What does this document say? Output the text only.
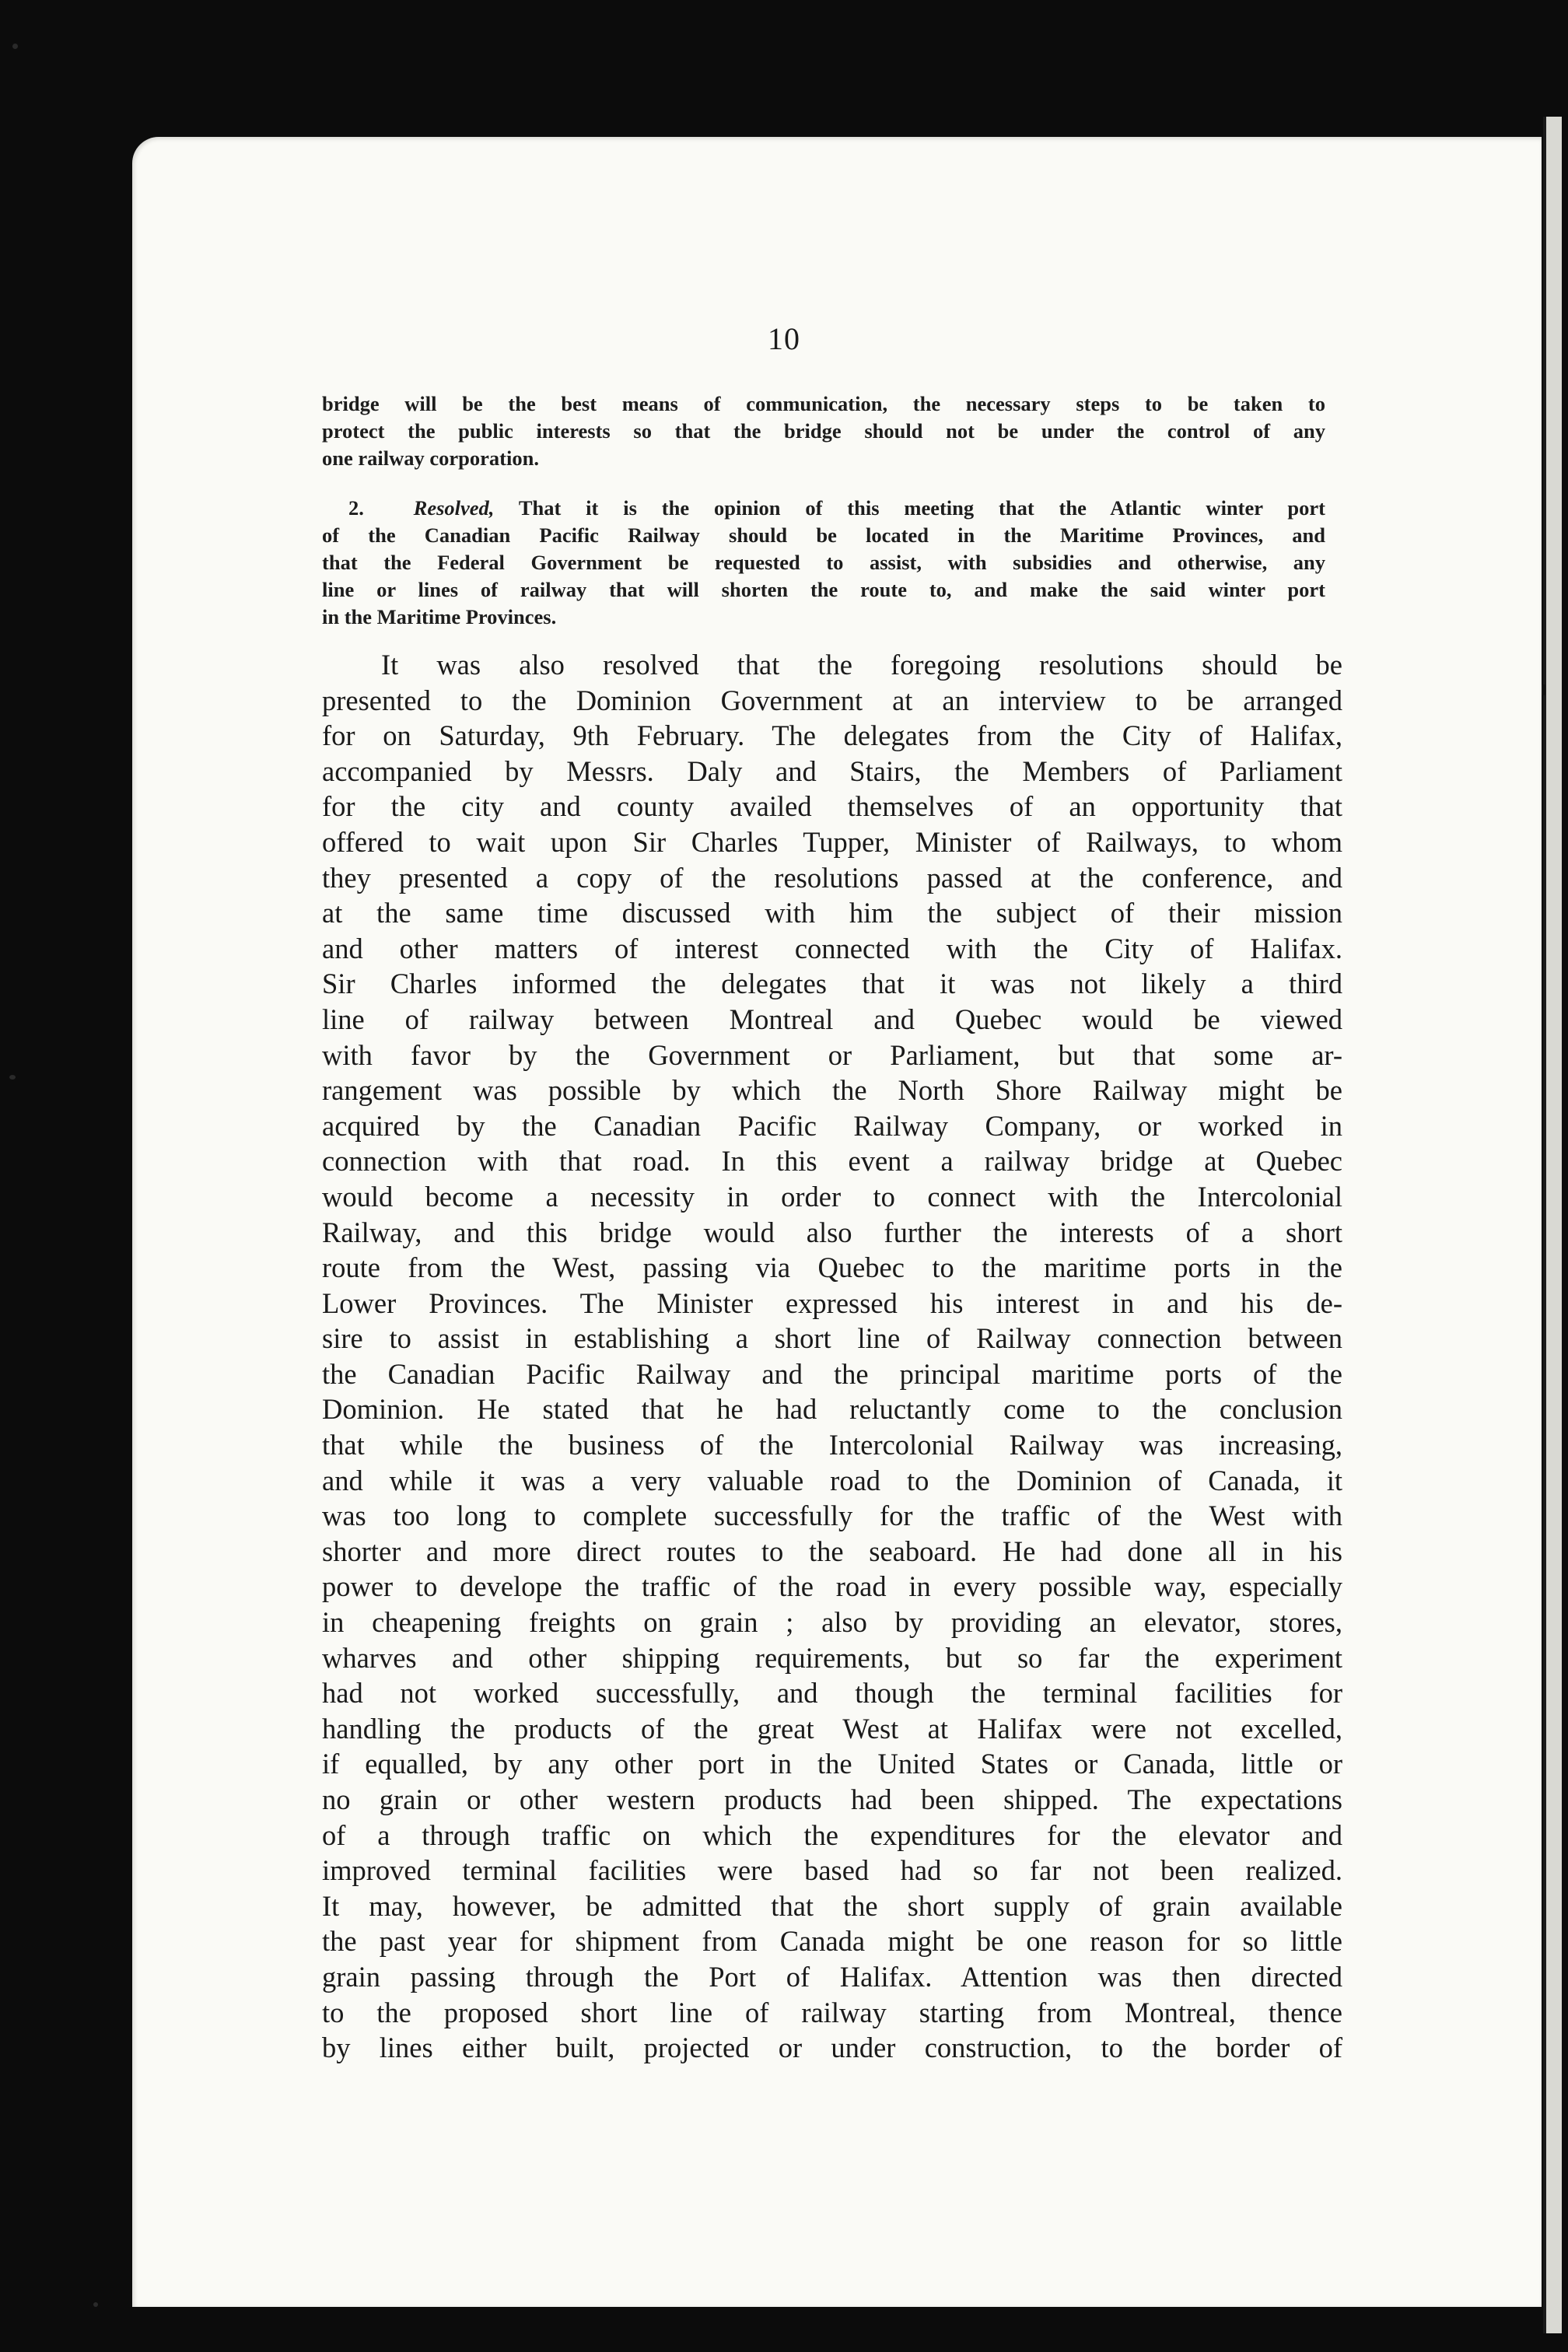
10
bridge will be the best means of communication, the necessary steps to be taken to
protect the public interests so that the bridge should not be under the control of any
one railway corporation.
2. Resolved, That it is the opinion of this meeting that the Atlantic winter port
of the Canadian Pacific Railway should be located in the Maritime Provinces, and
that the Federal Government be requested to assist, with subsidies and otherwise, any
line or lines of railway that will shorten the route to, and make the said winter port
in the Maritime Provinces.
It was also resolved that the foregoing resolutions should be
presented to the Dominion Government at an interview to be arranged
for on Saturday, 9th February. The delegates from the City of Halifax,
accompanied by Messrs. Daly and Stairs, the Members of Parliament
for the city and county availed themselves of an opportunity that
offered to wait upon Sir Charles Tupper, Minister of Railways, to whom
they presented a copy of the resolutions passed at the conference, and
at the same time discussed with him the subject of their mission
and other matters of interest connected with the City of Halifax.
Sir Charles informed the delegates that it was not likely a third
line of railway between Montreal and Quebec would be viewed
with favor by the Government or Parliament, but that some ar-
rangement was possible by which the North Shore Railway might be
acquired by the Canadian Pacific Railway Company, or worked in
connection with that road. In this event a railway bridge at Quebec
would become a necessity in order to connect with the Intercolonial
Railway, and this bridge would also further the interests of a short
route from the West, passing via Quebec to the maritime ports in the
Lower Provinces. The Minister expressed his interest in and his de-
sire to assist in establishing a short line of Railway connection between
the Canadian Pacific Railway and the principal maritime ports of the
Dominion. He stated that he had reluctantly come to the conclusion
that while the business of the Intercolonial Railway was increasing,
and while it was a very valuable road to the Dominion of Canada, it
was too long to complete successfully for the traffic of the West with
shorter and more direct routes to the seaboard. He had done all in his
power to develope the traffic of the road in every possible way, especially
in cheapening freights on grain ; also by providing an elevator, stores,
wharves and other shipping requirements, but so far the experiment
had not worked successfully, and though the terminal facilities for
handling the products of the great West at Halifax were not excelled,
if equalled, by any other port in the United States or Canada, little or
no grain or other western products had been shipped. The expectations
of a through traffic on which the expenditures for the elevator and
improved terminal facilities were based had so far not been realized.
It may, however, be admitted that the short supply of grain available
the past year for shipment from Canada might be one reason for so little
grain passing through the Port of Halifax. Attention was then directed
to the proposed short line of railway starting from Montreal, thence
by lines either built, projected or under construction, to the border of
